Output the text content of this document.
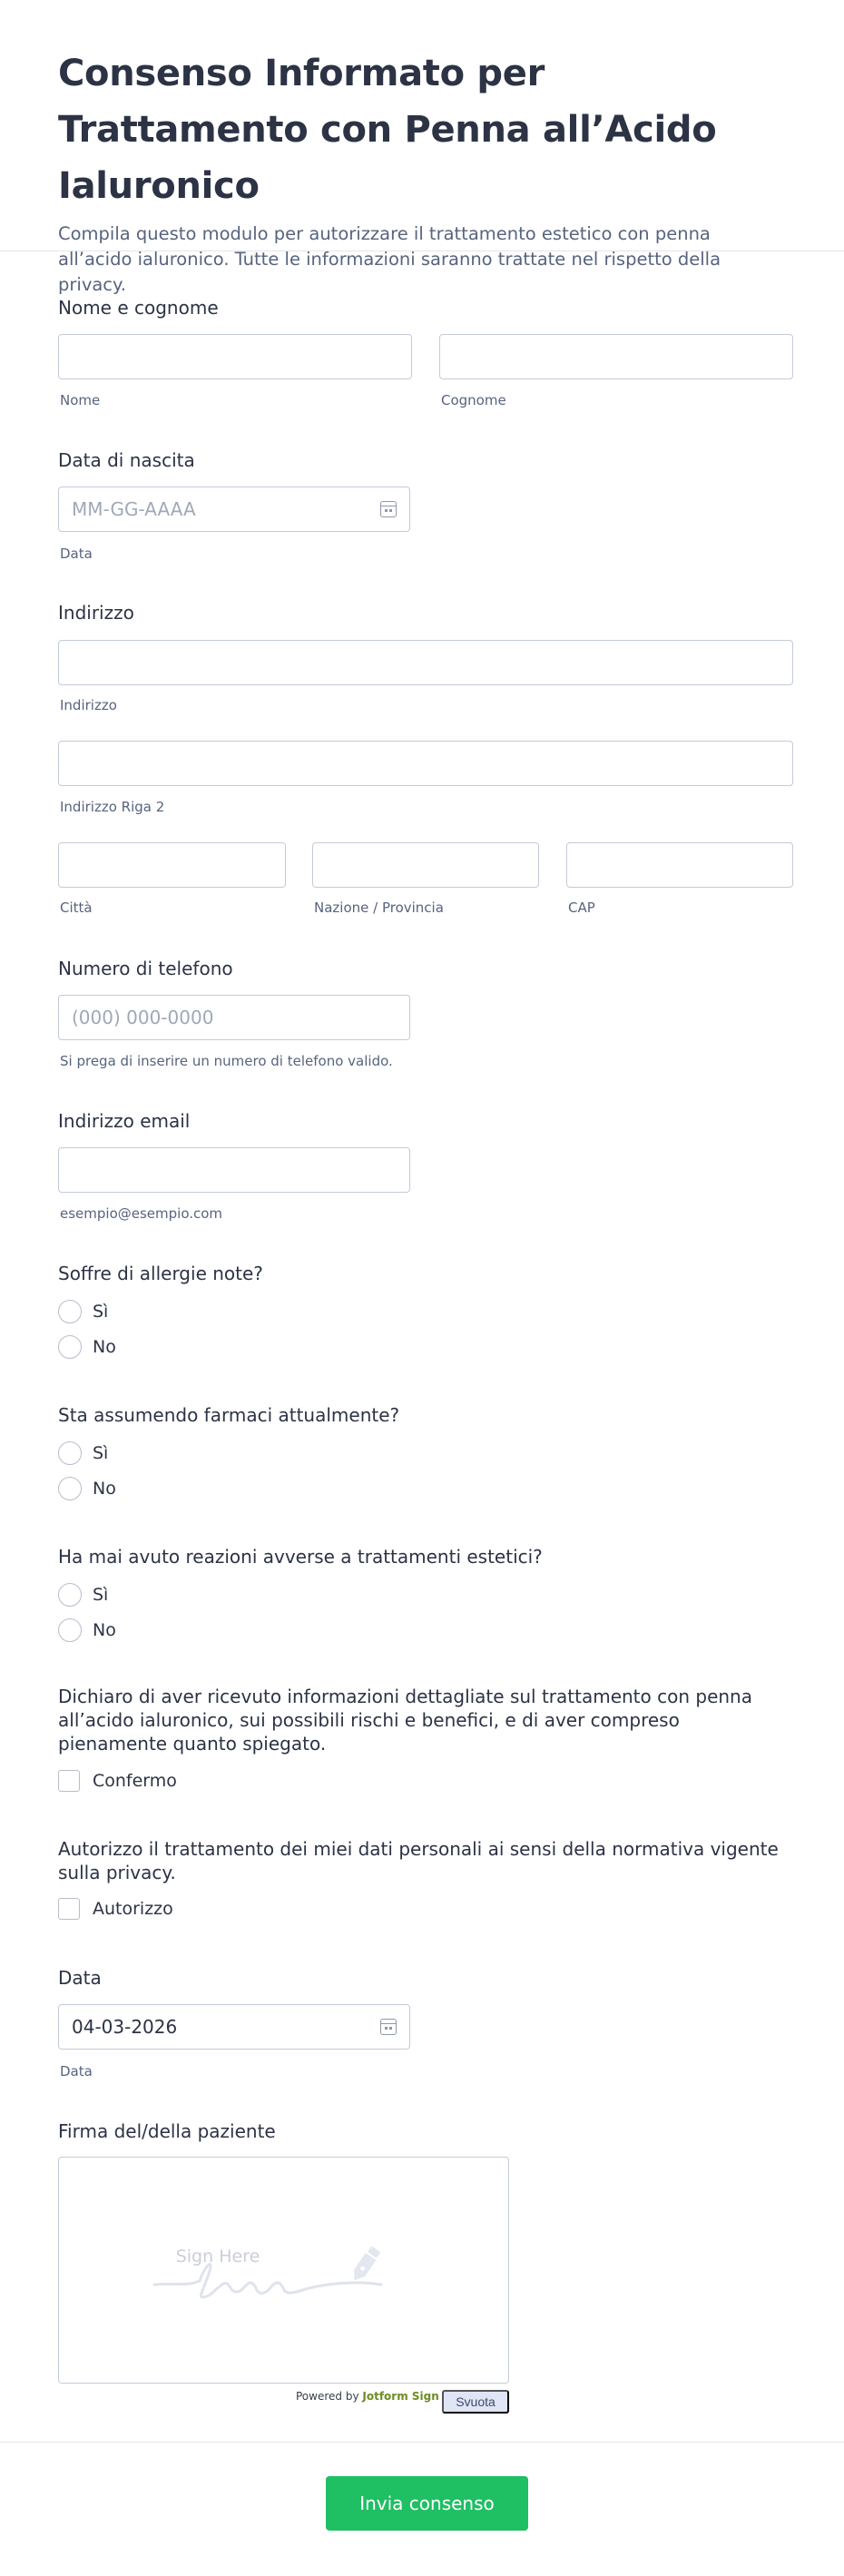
Consenso Informato per Trattamento con Penna all’Acido Ialuronico

Compila questo modulo per autorizzare il trattamento estetico con penna all’acido ialuronico. Tutte le informazioni saranno trattate nel rispetto della privacy.

Nome e cognome
Nome	Cognome
Data di nascita
MM-GG-AAAA
Data
Indirizzo
Indirizzo
Indirizzo Riga 2
Città	Nazione / Provincia	CAP
Numero di telefono
(000) 000-0000
Si prega di inserire un numero di telefono valido.
Indirizzo email
esempio@esempio.com
Soffre di allergie note?
Sì
No
Sta assumendo farmaci attualmente?
Sì
No
Ha mai avuto reazioni avverse a trattamenti estetici?
Sì
No
Dichiaro di aver ricevuto informazioni dettagliate sul trattamento con penna all’acido ialuronico, sui possibili rischi e benefici, e di aver compreso pienamente quanto spiegato.
Confermo
Autorizzo il trattamento dei miei dati personali ai sensi della normativa vigente sulla privacy.
Autorizzo
Data
04-03-2026
Data
Firma del/della paziente
Sign Here
Powered by Jotform Sign	Svuota
Invia consenso
